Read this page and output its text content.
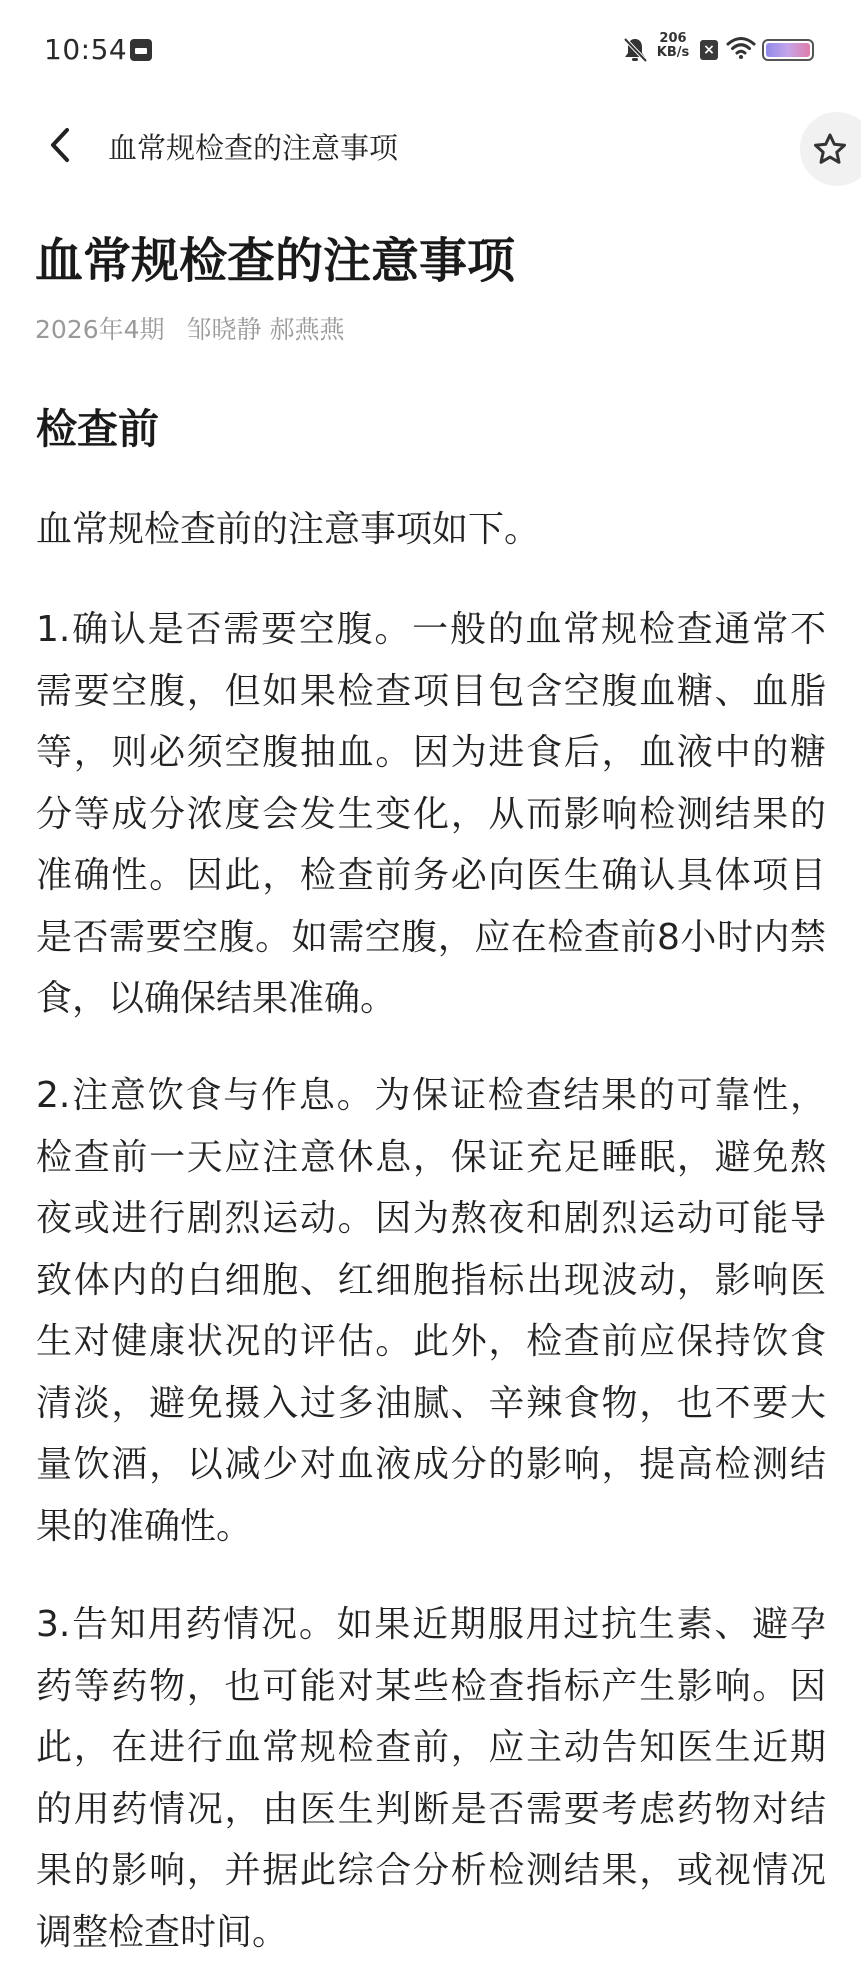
10:54	206
KB/s ×
血常规检查的注意事项
血常规检查的注意事项
2026年4期 邹晓静 郝燕燕
检查前

血常规检查前的注意事项如下。

1.确认是否需要空腹。一般的血常规检查通常不需要空腹，但如果检查项目包含空腹血糖、血脂等，则必须空腹抽血。因为进食后，血液中的糖分等成分浓度会发生变化，从而影响检测结果的准确性。因此，检查前务必向医生确认具体项目是否需要空腹。如需空腹，应在检查前8小时内禁食，以确保结果准确。

2.注意饮食与作息。为保证检查结果的可靠性，检查前一天应注意休息，保证充足睡眠，避免熬夜或进行剧烈运动。因为熬夜和剧烈运动可能导致体内的白细胞、红细胞指标出现波动，影响医生对健康状况的评估。此外，检查前应保持饮食清淡，避免摄入过多油腻、辛辣食物，也不要大量饮酒，以减少对血液成分的影响，提高检测结果的准确性。

3.告知用药情况。如果近期服用过抗生素、避孕药等药物，也可能对某些检查指标产生影响。因此，在进行血常规检查前，应主动告知医生近期的用药情况，由医生判断是否需要考虑药物对结果的影响，并据此综合分析检测结果，或视情况调整检查时间。
